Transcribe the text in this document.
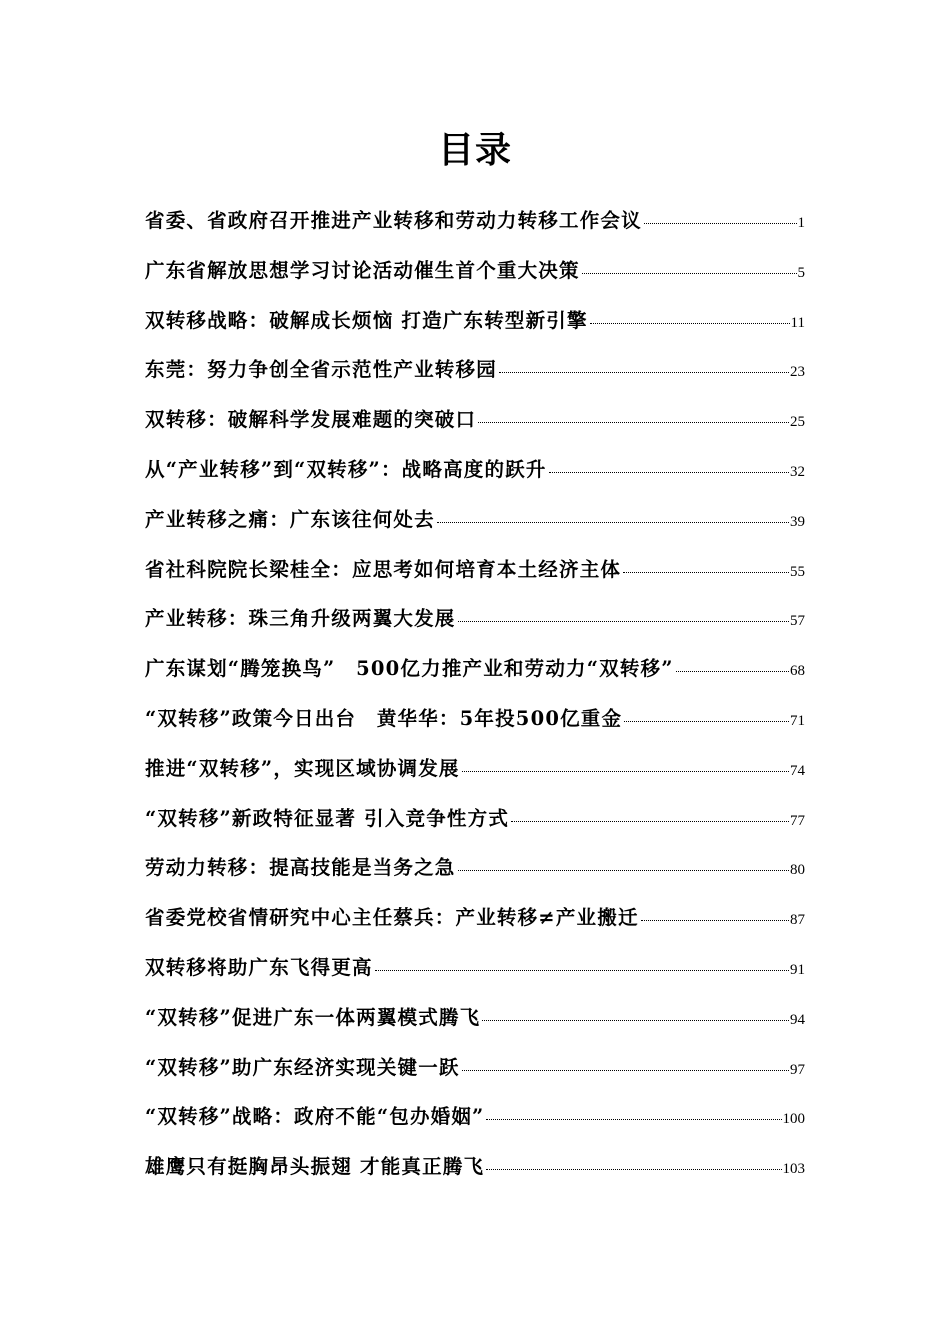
目录
省委、省政府召开推进产业转移和劳动力转移工作会议	1
广东省解放思想学习讨论活动催生首个重大决策	5
双转移战略：破解成长烦恼 打造广东转型新引擎	11
东莞：努力争创全省示范性产业转移园	23
双转移：破解科学发展难题的突破口	25
从“产业转移”到“双转移”：战略高度的跃升	32
产业转移之痛：广东该往何处去	39
省社科院院长梁桂全：应思考如何培育本土经济主体	55
产业转移：珠三角升级两翼大发展	57
广东谋划“腾笼换鸟”　500亿力推产业和劳动力“双转移”	68
“双转移”政策今日出台　黄华华：5年投500亿重金	71
推进“双转移”，实现区域协调发展	74
“双转移”新政特征显著 引入竞争性方式	77
劳动力转移：提高技能是当务之急	80
省委党校省情研究中心主任蔡兵：产业转移≠产业搬迁	87
双转移将助广东飞得更高	91
“双转移”促进广东一体两翼模式腾飞	94
“双转移”助广东经济实现关键一跃	97
“双转移”战略：政府不能“包办婚姻”	100
雄鹰只有挺胸昂头振翅 才能真正腾飞	103
